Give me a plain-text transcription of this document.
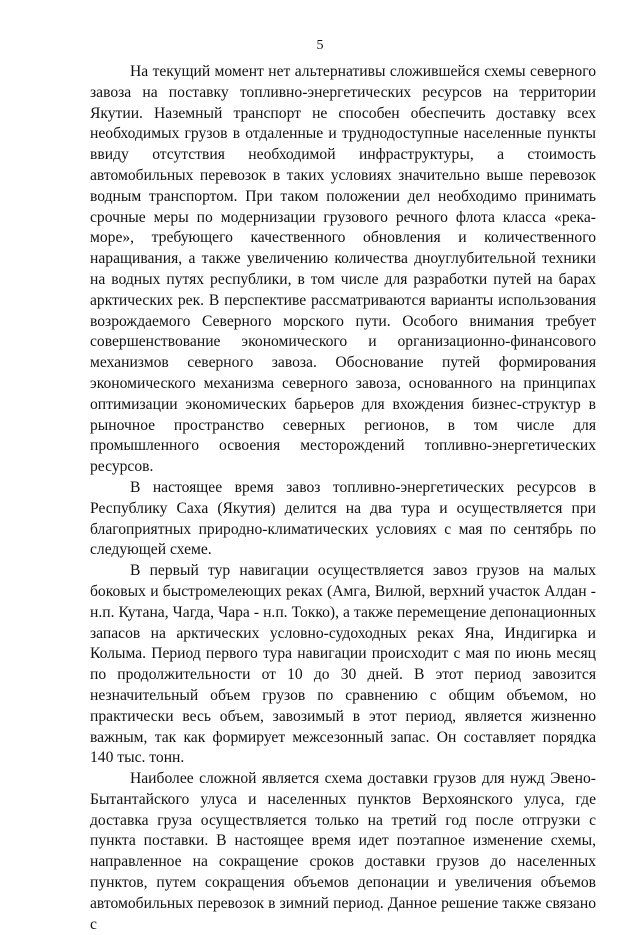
5

На текущий момент нет альтернативы сложившейся схемы северного завоза на поставку топливно-энергетических ресурсов на территории Якутии. Наземный транспорт не способен обеспечить доставку всех необходимых грузов в отдаленные и труднодоступные населенные пункты ввиду отсутствия необходимой инфраструктуры, а стоимость автомобильных перевозок в таких условиях значительно выше перевозок водным транспортом. При таком положении дел необходимо принимать срочные меры по модернизации грузового речного флота класса «река-море», требующего качественного обновления и количественного наращивания, а также увеличению количества дноуглубительной техники на водных путях республики, в том числе для разработки путей на барах арктических рек. В перспективе рассматриваются варианты использования возрождаемого Северного морского пути. Особого внимания требует совершенствование экономического и организационно-финансового механизмов северного завоза. Обоснование путей формирования экономического механизма северного завоза, основанного на принципах оптимизации экономических барьеров для вхождения бизнес-структур в рыночное пространство северных регионов, в том числе для промышленного освоения месторождений топливно-энергетических ресурсов.

В настоящее время завоз топливно-энергетических ресурсов в Республику Саха (Якутия) делится на два тура и осуществляется при благоприятных природно-климатических условиях с мая по сентябрь по следующей схеме.

В первый тур навигации осуществляется завоз грузов на малых боковых и быстромелеющих реках (Амга, Вилюй, верхний участок Алдан - н.п. Кутана, Чагда, Чара - н.п. Токко), а также перемещение депонационных запасов на арктических условно-судоходных реках Яна, Индигирка и Колыма. Период первого тура навигации происходит с мая по июнь месяц по продолжительности от 10 до 30 дней. В этот период завозится незначительный объем грузов по сравнению с общим объемом, но практически весь объем, завозимый в этот период, является жизненно важным, так как формирует межсезонный запас. Он составляет порядка 140 тыс. тонн.

Наиболее сложной является схема доставки грузов для нужд Эвено-Бытантайского улуса и населенных пунктов Верхоянского улуса, где доставка груза осуществляется только на третий год после отгрузки с пункта поставки. В настоящее время идет поэтапное изменение схемы, направленное на сокращение сроков доставки грузов до населенных пунктов, путем сокращения объемов депонации и увеличения объемов автомобильных перевозок в зимний период. Данное решение также связано с
